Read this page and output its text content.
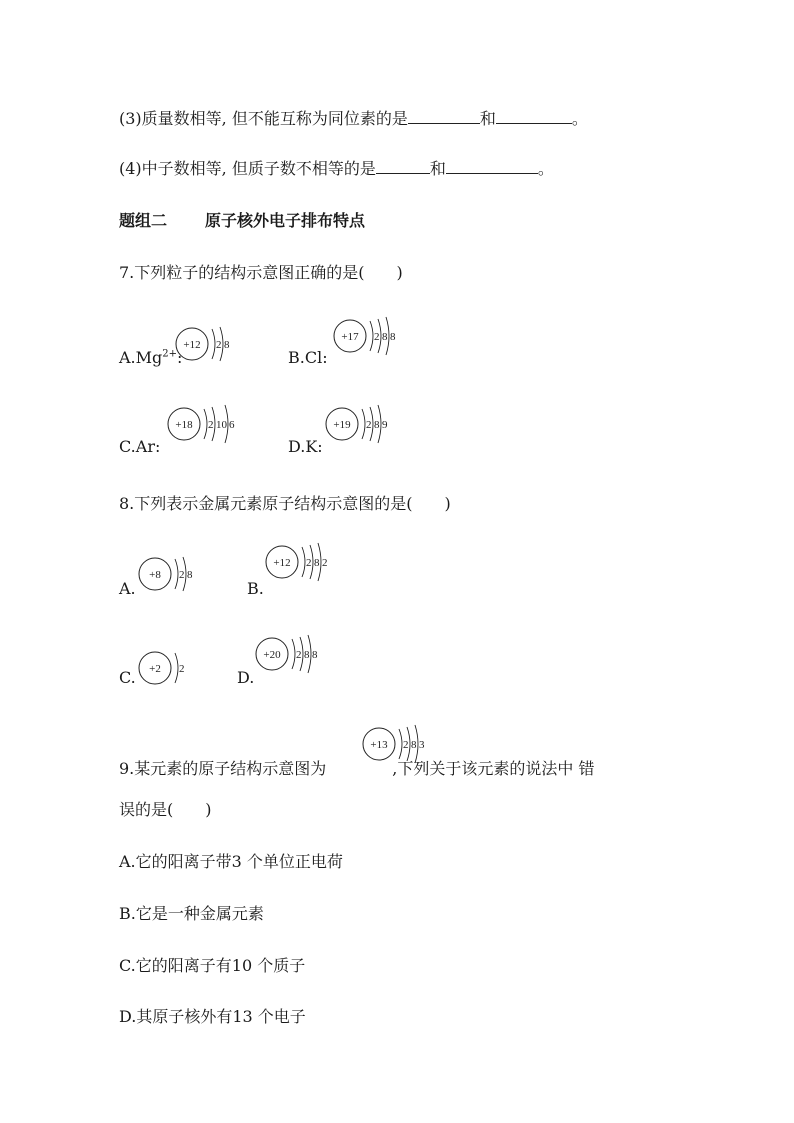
(3)质量数相等, 但不能互称为同位素的是	和	。
(4)中子数相等, 但质子数不相等的是	和	。
题组二 原子核外电子排布特点
7.下列粒子的结构示意图正确的是(　　)
$A.Mg^{2+}$:
+12 2 8
B.Cl:
+17 2 8 8
C.Ar:
+18 2 10 6
D.K:
+19 2 8 9
8.下列表示金属元素原子结构示意图的是(　　)
A.
+8 2 8
B.
+12 2 8 2
C. +2 2	D.
+20 2 8 8
9.某元素的原子结构示意图为	,下列关于该元素的说法中 错
+13 2 8 3
误的是(　　)
A.它的阳离子带3 个单位正电荷
B.它是一种金属元素
C.它的阳离子有10 个质子
D.其原子核外有13 个电子
